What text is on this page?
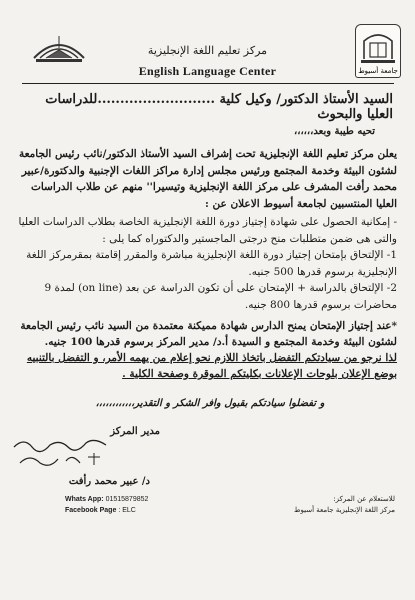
جامعة أسيوط
مركز تعليم اللغة الإنجليزية
English Language Center
السيد الأستاذ الدكتور/ وكيل كلية ..........................للدراسات العليا والبحوث
تحيه طيبة وبعد،،،،،،
يعلن مركز تعليم اللغة الإنجليزية تحت إشراف السيد الأستاذ الدكتور/نائب رئيس الجامعة لشئون البيئة وخدمة المجتمع ورئيس مجلس إدارة مراكز اللغات الإجنبية والدكتورة/عبير محمد رأفت المشرف على مركز اللغة الإنجليزية وتيسيرا'' منهم عن طلاب الدراسات العليا المنتسبين لجامعة أسيوط الاعلان عن :

- إمكانية الحصول على شهادة إجتياز دورة اللغة الإنجليزية الخاصة بطلاب الدراسات العليا والتى هى ضمن متطلبات منح درجتى الماجستير والدكتوراه كما يلى :

1- الإلتحاق بإمتحان إجتياز دورة اللغة الإنجليزية مباشرة والمقرر إقامتة بمقرمركز اللغة الإنجليزية برسوم قدرها 500 جنيه.

2- الإلتحاق بالدراسة + الإمتحان على أن تكون الدراسة عن بعد (on line) لمدة 9 محاضرات برسوم قدرها 800 جنيه.

*عند إجتياز الإمتحان يمنح الدارس شهادة مميكنة معتمدة من السيد نائب رئيس الجامعة لشئون البيئة وخدمة المجتمع و السيدة أ.د/ مدير المركز برسوم قدرها 100 جنيه.
لذا نرجو من سيادتكم التفضل باتخاذ اللازم نحو إعلام من يهمه الأمر، و التفضل بالتنبيه بوضع الإعلان بلوحات الإعلانات بكليتكم الموقرة وصفحة الكلية .
و تفضلوا سيادتكم بقبول وافر الشكر و التقدير،،،،،،،،،،،،
مدير المركز
د/ عبير محمد رأفت
للاستعلام عن المركز:
Whats App: 01515879852
مركز اللغة الإنجليزية جامعة أسيوط
Facebook Page : ELC
